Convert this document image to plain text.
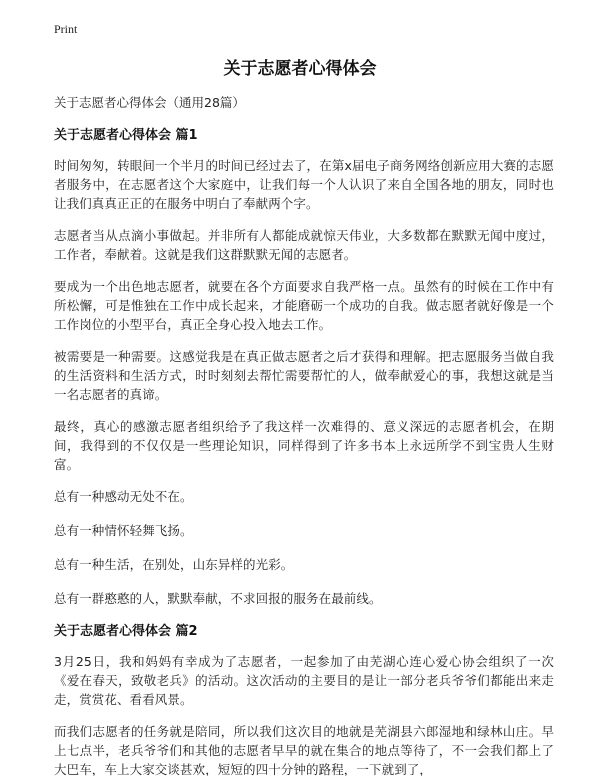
Print
关于志愿者心得体会
关于志愿者心得体会（通用28篇）
关于志愿者心得体会 篇1

时间匆匆，转眼间一个半月的时间已经过去了，在第x届电子商务网络创新应用大赛的志愿者服务中，在志愿者这个大家庭中，让我们每一个人认识了来自全国各地的朋友，同时也让我们真真正正的在服务中明白了奉献两个字。

志愿者当从点滴小事做起。并非所有人都能成就惊天伟业，大多数都在默默无闻中度过，工作者，奉献着。这就是我们这群默默无闻的志愿者。

要成为一个出色地志愿者，就要在各个方面要求自我严格一点。虽然有的时候在工作中有所松懈，可是惟独在工作中成长起来，才能磨砺一个成功的自我。做志愿者就好像是一个工作岗位的小型平台，真正全身心投入地去工作。

被需要是一种需要。这感觉我是在真正做志愿者之后才获得和理解。把志愿服务当做自我的生活资料和生活方式，时时刻刻去帮忙需要帮忙的人，做奉献爱心的事，我想这就是当一名志愿者的真谛。

最终，真心的感激志愿者组织给予了我这样一次难得的、意义深远的志愿者机会，在期间，我得到的不仅仅是一些理论知识，同样得到了许多书本上永远所学不到宝贵人生财富。

总有一种感动无处不在。

总有一种情怀轻舞飞扬。

总有一种生活，在别处，山东异样的光彩。

总有一群憨憨的人，默默奉献，不求回报的服务在最前线。

关于志愿者心得体会 篇2

3月25日，我和妈妈有幸成为了志愿者，一起参加了由芜湖心连心爱心协会组织了一次《爱在春天，致敬老兵》的活动。这次活动的主要目的是让一部分老兵爷爷们都能出来走走，赏赏花、看看风景。

而我们志愿者的任务就是陪同，所以我们这次目的地就是芜湖县六郎湿地和绿林山庄。早上七点半，老兵爷爷们和其他的志愿者早早的就在集合的地点等待了，不一会我们都上了大巴车，车上大家交谈甚欢，短短的四十分钟的路程，一下就到了，
